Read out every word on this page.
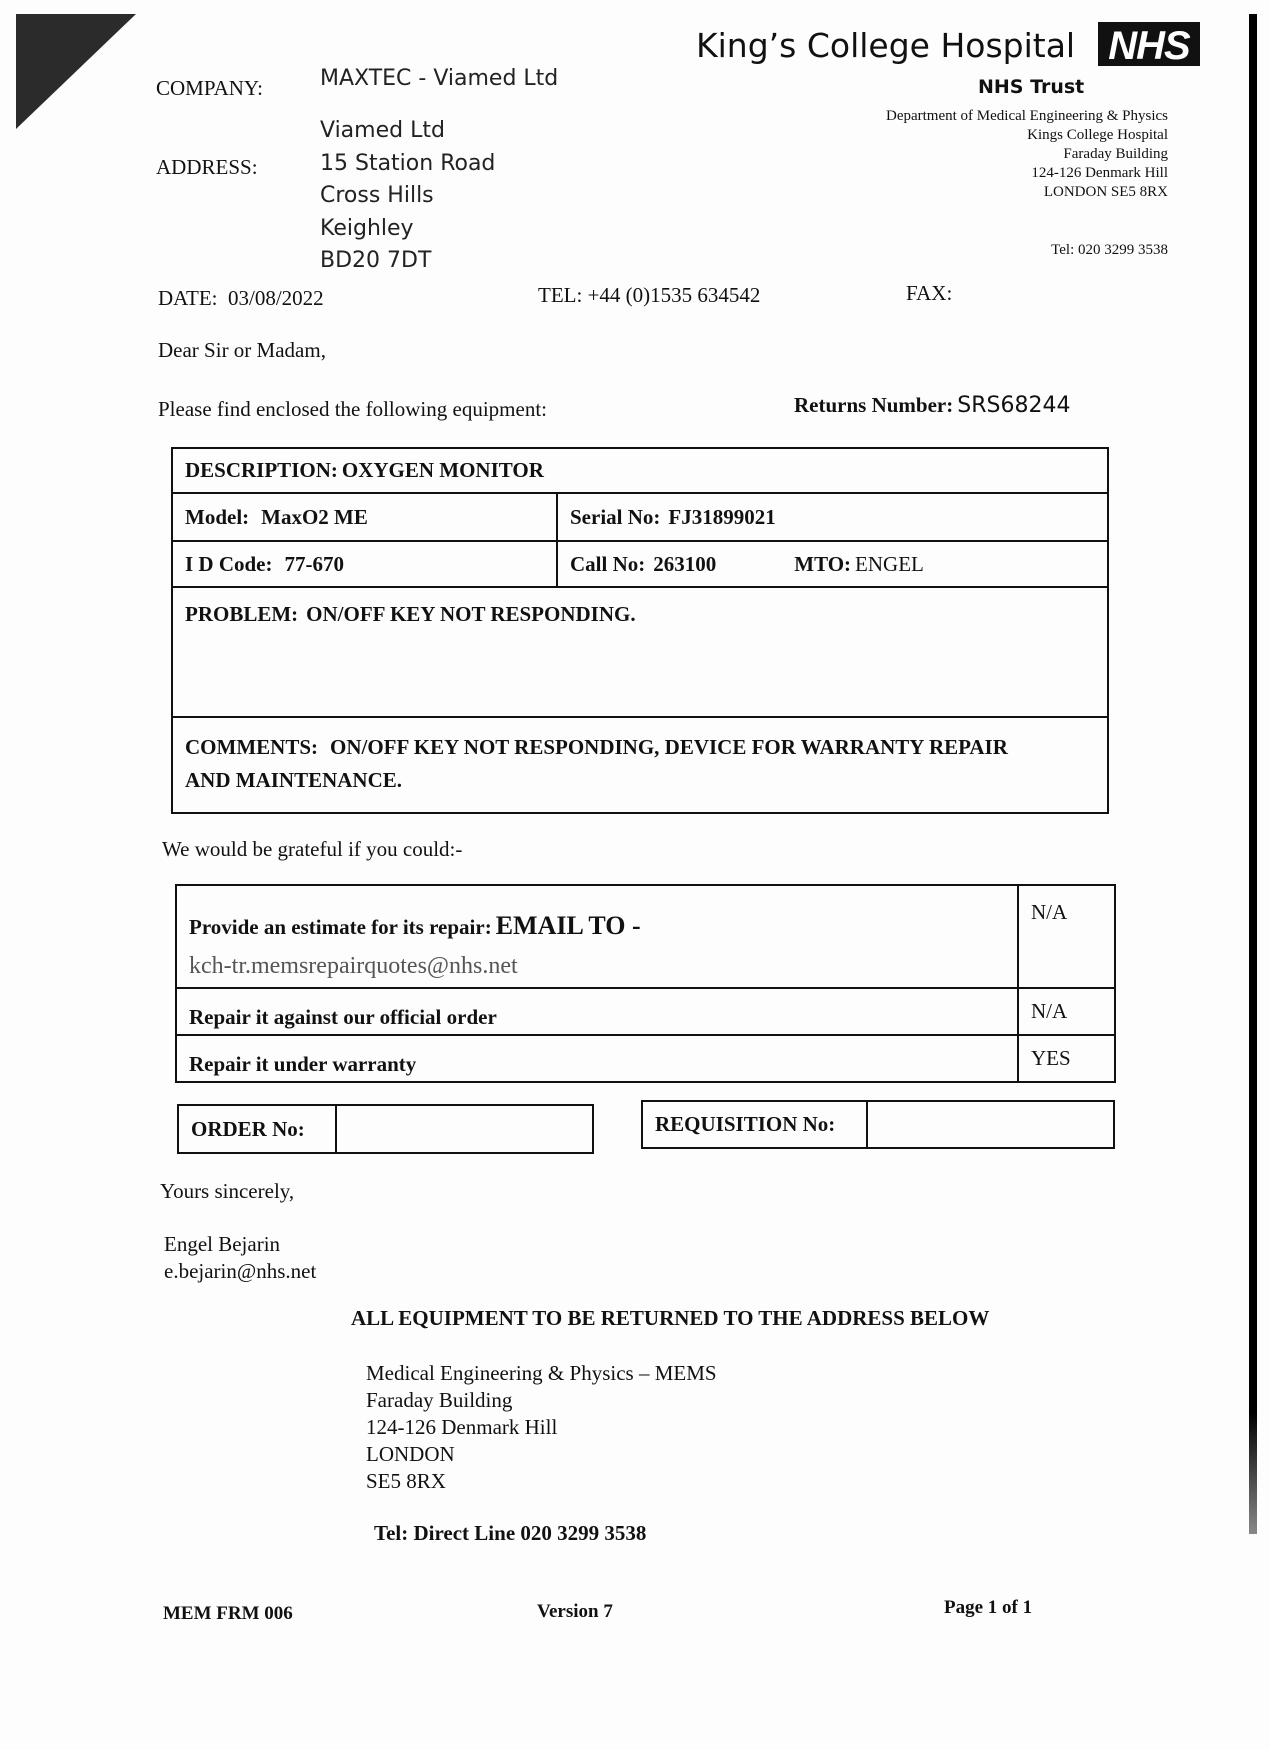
King’s College Hospital NHS
NHS Trust
Department of Medical Engineering & Physics
Kings College Hospital
Faraday Building
124-126 Denmark Hill
LONDON SE5 8RX
Tel: 020 3299 3538
COMPANY:	MAXTEC - Viamed Ltd
ADDRESS:
Viamed Ltd
15 Station Road
Cross Hills
Keighley
BD20 7DT
DATE: 03/08/2022	TEL: +44 (0)1535 634542	FAX:
Dear Sir or Madam,
Please find enclosed the following equipment:	Returns Number: SRS68244
DESCRIPTION: OXYGEN MONITOR	
Model: MaxO2 ME	Serial No: FJ31899021
I D Code: 77-670	Call No: 263100 MTO: ENGEL
PROBLEM: ON/OFF KEY NOT RESPONDING.	
COMMENTS: ON/OFF KEY NOT RESPONDING, DEVICE FOR WARRANTY REPAIR
AND MAINTENANCE.	
We would be grateful if you could:-
Provide an estimate for its repair: EMAIL TO -
kch-tr.memsrepairquotes@nhs.net	N/A
Repair it against our official order	N/A
Repair it under warranty	YES
ORDER No:	REQUISITION No:
Yours sincerely,
Engel Bejarin
e.bejarin@nhs.net
ALL EQUIPMENT TO BE RETURNED TO THE ADDRESS BELOW
Medical Engineering & Physics – MEMS
Faraday Building
124-126 Denmark Hill
LONDON
SE5 8RX
Tel: Direct Line 020 3299 3538
MEM FRM 006	Version 7	Page 1 of 1
